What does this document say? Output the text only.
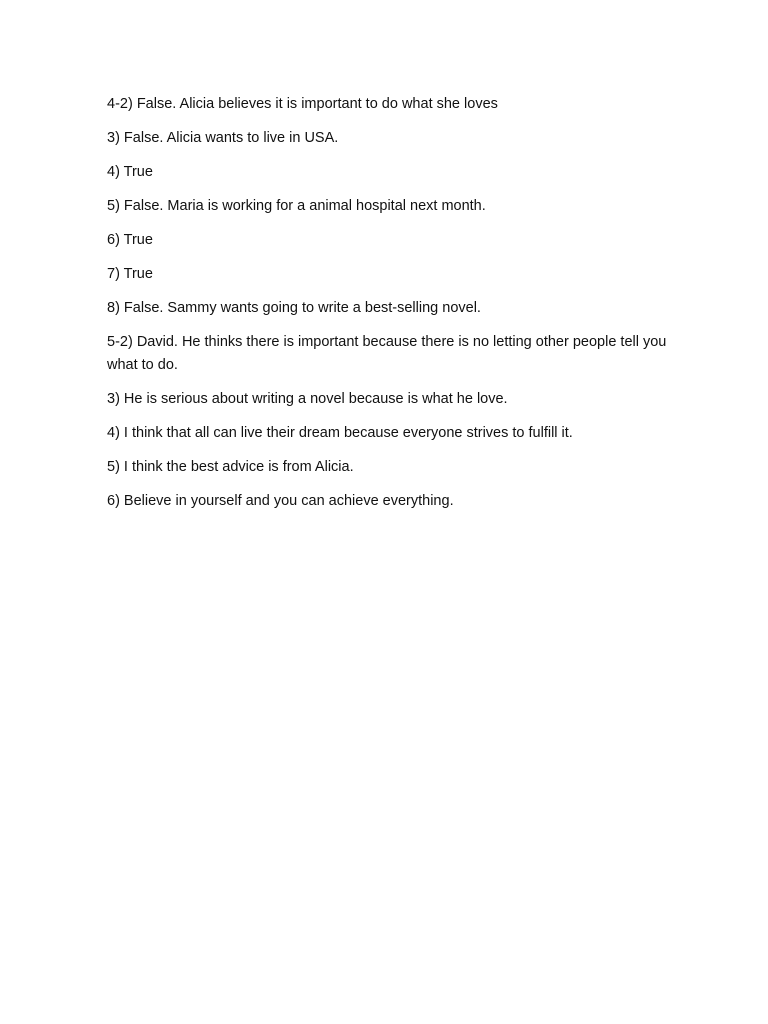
4-2) False. Alicia believes it is important to do what she loves

3) False. Alicia wants to live in USA.

4) True

5) False. Maria is working for a animal hospital next month.

6) True

7) True

8) False. Sammy wants going to write a best-selling novel.

5-2) David. He thinks there is important because there is no letting other people tell you what to do.

3) He is serious about writing a novel because is what he love.

4) I think that all can live their dream because everyone strives to fulfill it.

5) I think the best advice is from Alicia.

6) Believe in yourself and you can achieve everything.
